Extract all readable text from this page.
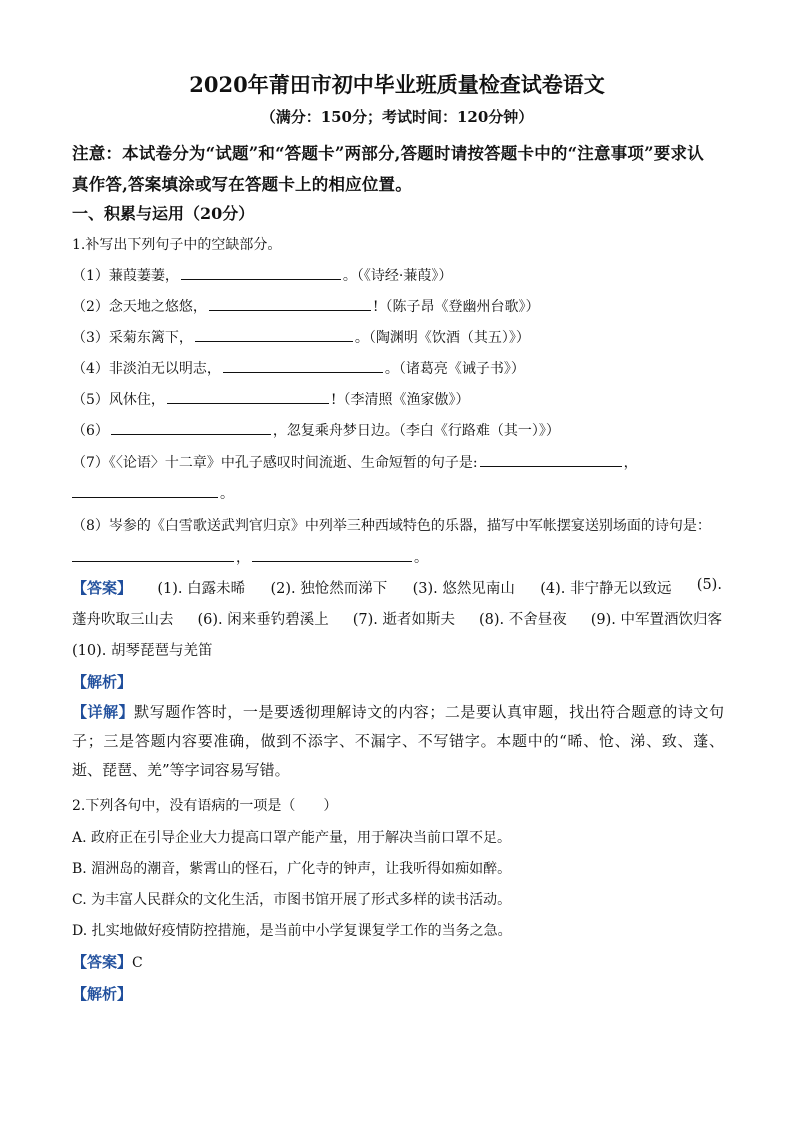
2020年莆田市初中毕业班质量检查试卷语文
（满分：150分；考试时间：120分钟）
注意：本试卷分为“试题”和“答题卡”两部分,答题时请按答题卡中的“注意事项”要求认
真作答,答案填涂或写在答题卡上的相应位置。
一、积累与运用（20分）
1.补写出下列句子中的空缺部分。
（1）蒹葭萋萋，	。（《诗经·蒹葭》）
（2）念天地之悠悠，	!（陈子昂《登幽州台歌》）
（3）采菊东篱下，	。（陶渊明《饮酒（其五）》）
（4）非淡泊无以明志，	。（诸葛亮《诫子书》）
（5）风休住，	!（李清照《渔家傲》）
（6）	，忽复乘舟梦日边。（李白《行路难（其一）》）
（7）《〈论语〉十二章》中孔子感叹时间流逝、生命短暂的句子是:	，
。
（8）岑参的《白雪歌送武判官归京》中列举三种西域特色的乐器，描写中军帐摆宴送别场面的诗句是：
，	。
【答案】 (1). 白露未晞 (2). 独怆然而涕下 (3). 悠然见南山 (4). 非宁静无以致远 (5).
蓬舟吹取三山去 (6). 闲来垂钓碧溪上 (7). 逝者如斯夫 (8). 不舍昼夜 (9). 中军置酒饮归客
(10). 胡琴琵琶与羌笛
【解析】
【详解】默写题作答时，一是要透彻理解诗文的内容；二是要认真审题，找出符合题意的诗文句子；三是答题内容要准确，做到不添字、不漏字、不写错字。本题中的“晞、怆、涕、致、蓬、逝、琵琶、羌”等字词容易写错。
2.下列各句中，没有语病的一项是（　　）
A. 政府正在引导企业大力提高口罩产能产量，用于解决当前口罩不足。
B. 湄洲岛的潮音，紫霄山的怪石，广化寺的钟声，让我听得如痴如醉。
C. 为丰富人民群众的文化生活，市图书馆开展了形式多样的读书活动。
D. 扎实地做好疫情防控措施，是当前中小学复课复学工作的当务之急。
【答案】C
【解析】
